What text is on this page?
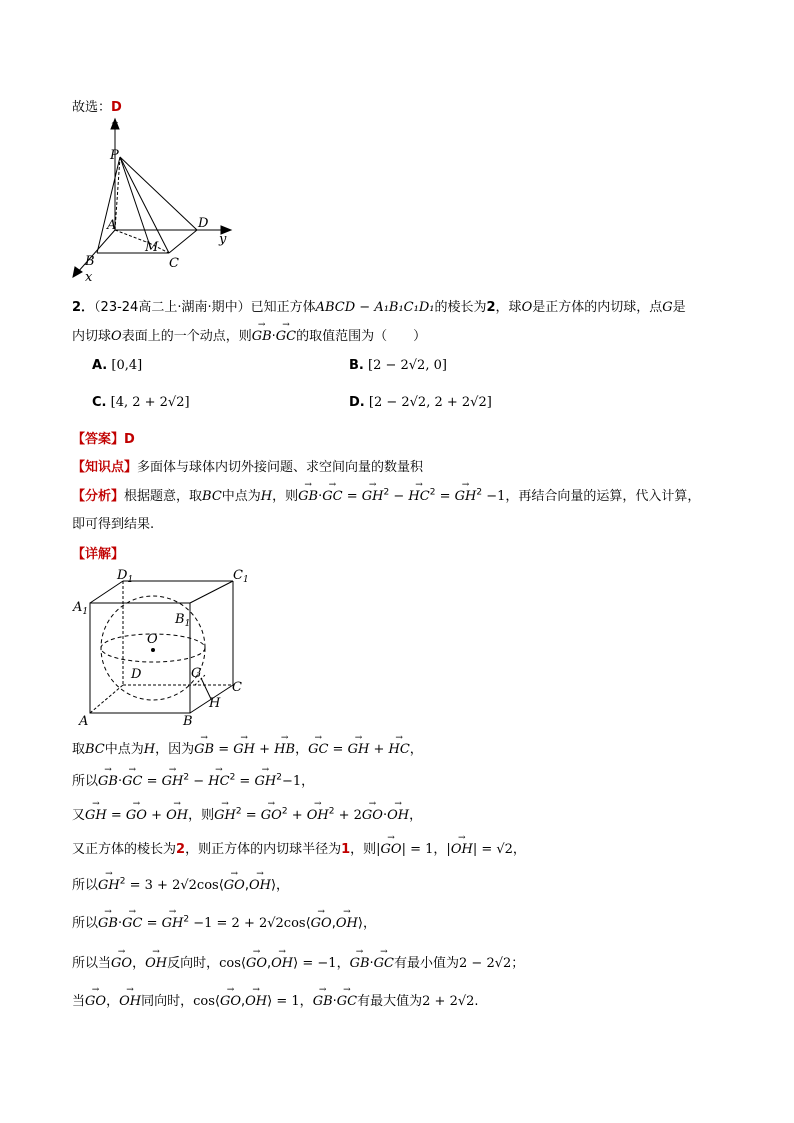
故选：D
z
y
x
P
A
B	C
D
M
2．（23-24高二上·湖南·期中）已知正方体ABCD − A₁B₁C₁D₁的棱长为2，球O是正方体的内切球，点G是
内切球O表面上的一个动点，则→ GB·→ GC的取值范围为（　　）
A. [0,4]	B. [2 − 2√2, 0]
C. [4, 2 + 2√2]	D. [2 − 2√2, 2 + 2√2]
【答案】D
【知识点】多面体与球体内切外接问题、求空间向量的数量积
【分析】根据题意，取BC中点为H，则→ GB·→ GC = → $GH^2$ − → $HC^2$ = → $GH^2 -1$，再结合向量的运算，代入计算，
即可得到结果.
【详解】
$D_1$	$C_1$
$A_1$	$B_1$
O
D	G
C
H
A	B
取BC中点为H，因为→ GB = → GH + → HB，→ GC = → GH + → HC，
所以→ GB·→ GC = → $GH^2$ − → $HC^2$ = → $GH^2-1$，
又→ GH = → GO + → OH，则→ $GH^2$ = → $GO^2$ + → $OH^2 + 2\to GO\cdot\to$ OH，
又正方体的棱长为2，则正方体的内切球半径为1，则|→ GO| = 1，|→ OH| = √2，
所以→ $GH^2 = 3$ + 2√2cos⟨→ GO,→ OH⟩，
所以→ GB·→ GC = → $GH^2 -1 = 2$ + 2√2cos⟨→ GO,→ OH⟩，
所以当→ GO，→ OH反向时，cos⟨→ GO,→ OH⟩ = −1，→ GB·→ GC有最小值为2 − 2√2；
当→ GO，→ OH同向时，cos⟨→ GO,→ OH⟩ = 1，→ GB·→ GC有最大值为2 + 2√2.
